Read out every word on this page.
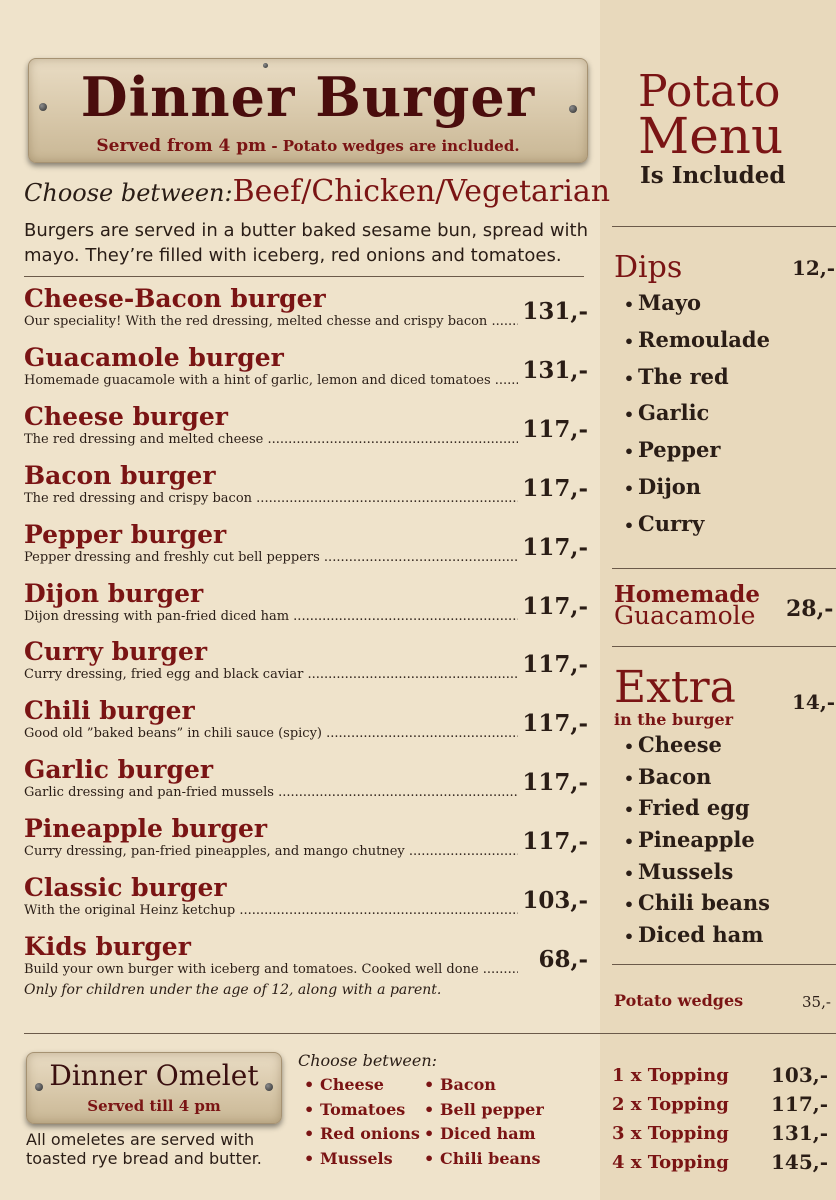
Dinner Burger
Served from 4 pm - Potato wedges are included.
Choose between:Beef/Chicken/Vegetarian
Burgers are served in a butter baked sesame bun, spread with mayo. They’re filled with iceberg, red onions and tomatoes.
Cheese-Bacon burger
Our speciality! With the red dressing, melted chesse and crispy bacon .....	131,-
Guacamole burger
Homemade guacamole with a hint of garlic, lemon and diced tomatoes .....	131,-
Cheese burger
The red dressing and melted cheese .....	117,-
Bacon burger
The red dressing and crispy bacon .....	117,-
Pepper burger
Pepper dressing and freshly cut bell peppers .....	117,-
Dijon burger
Dijon dressing with pan-fried diced ham .....	117,-
Curry burger
Curry dressing, fried egg and black caviar .....	117,-
Chili burger
Good old ”baked beans” in chili sauce (spicy) .....	117,-
Garlic burger
Garlic dressing and pan-fried mussels .....	117,-
Pineapple burger
Curry dressing, pan-fried pineapples, and mango chutney .....	117,-
Classic burger
With the original Heinz ketchup .....	103,-
Kids burger
Build your own burger with iceberg and tomatoes. Cooked well done .....	68,-
Only for children under the age of 12, along with a parent.
Potato
Menu
Is Included
Dips	12,-
• Mayo
• Remoulade
• The red
• Garlic
• Pepper
• Dijon
• Curry
Homemade
Guacamole 28,-
Extra
in the burger
14,-
• Cheese
• Bacon
• Fried egg
• Pineapple
• Mussels
• Chili beans
• Diced ham
Potato wedges	35,-
Dinner Omelet
Served till 4 pm
All omeletes are served with toasted rye bread and butter.
Choose between:
• Cheese
• Tomatoes
• Red onions
• Mussels
• Bacon
• Bell pepper
• Diced ham
• Chili beans
1 x Topping 103,-
2 x Topping 117,-
3 x Topping 131,-
4 x Topping 145,-
